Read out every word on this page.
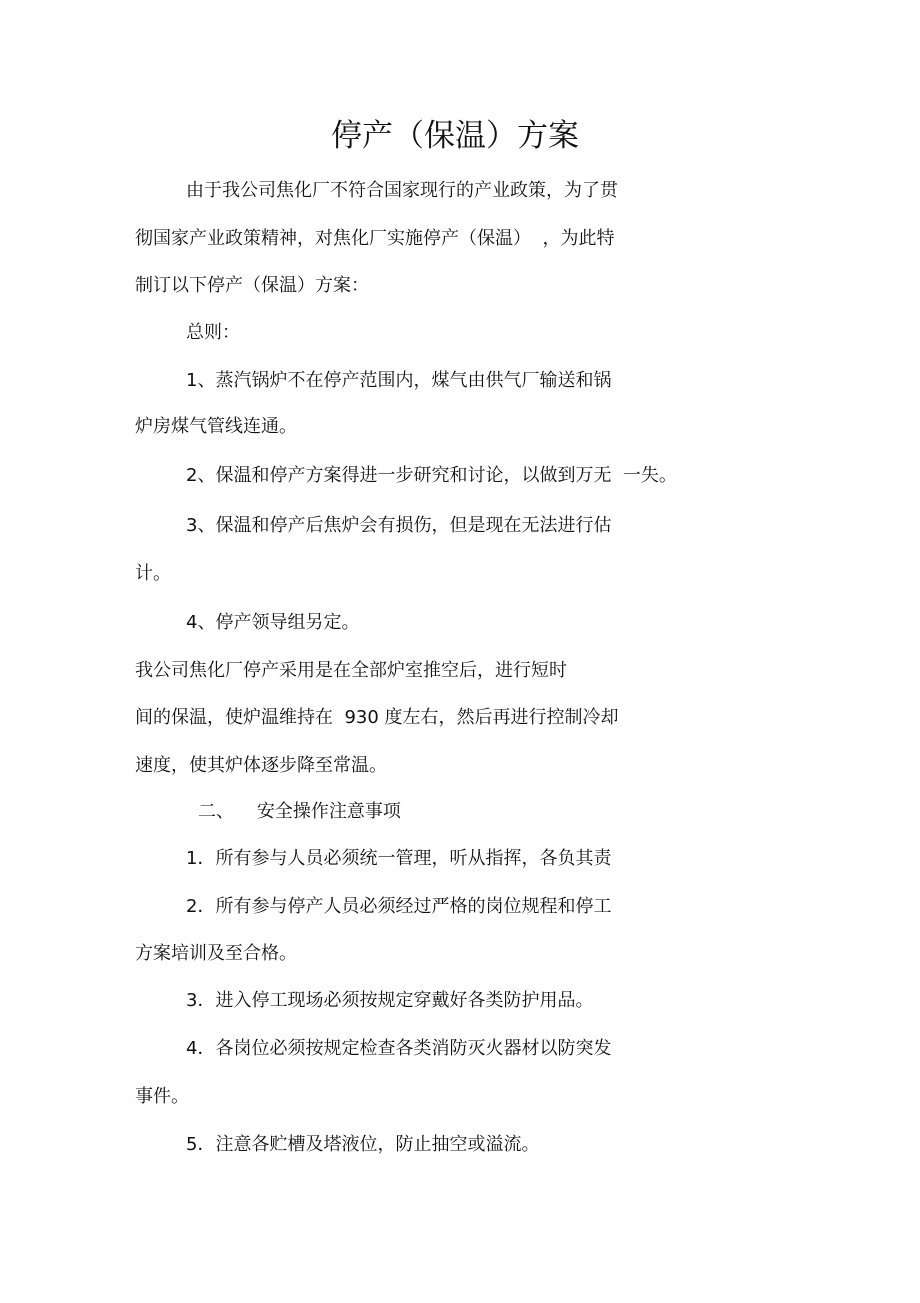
停产（保温）方案
由于我公司焦化厂不符合国家现行的产业政策，为了贯
彻国家产业政策精神，对焦化厂实施停产（保温）  ，为此特
制订以下停产（保温）方案：
总则：
1、蒸汽锅炉不在停产范围内，煤气由供气厂输送和锅
炉房煤气管线连通。
2、保温和停产方案得进一步研究和讨论，以做到万无  一失。
3、保温和停产后焦炉会有损伤，但是现在无法进行估
计。
4、停产领导组另定。
我公司焦化厂停产采用是在全部炉室推空后，进行短时
间的保温，使炉温维持在  930 度左右，然后再进行控制冷却
速度，使其炉体逐步降至常温。
二、    安全操作注意事项
1．所有参与人员必须统一管理，听从指挥，各负其责
2．所有参与停产人员必须经过严格的岗位规程和停工
方案培训及至合格。
3．进入停工现场必须按规定穿戴好各类防护用品。
4．各岗位必须按规定检查各类消防灭火器材以防突发
事件。
5．注意各贮槽及塔液位，防止抽空或溢流。
